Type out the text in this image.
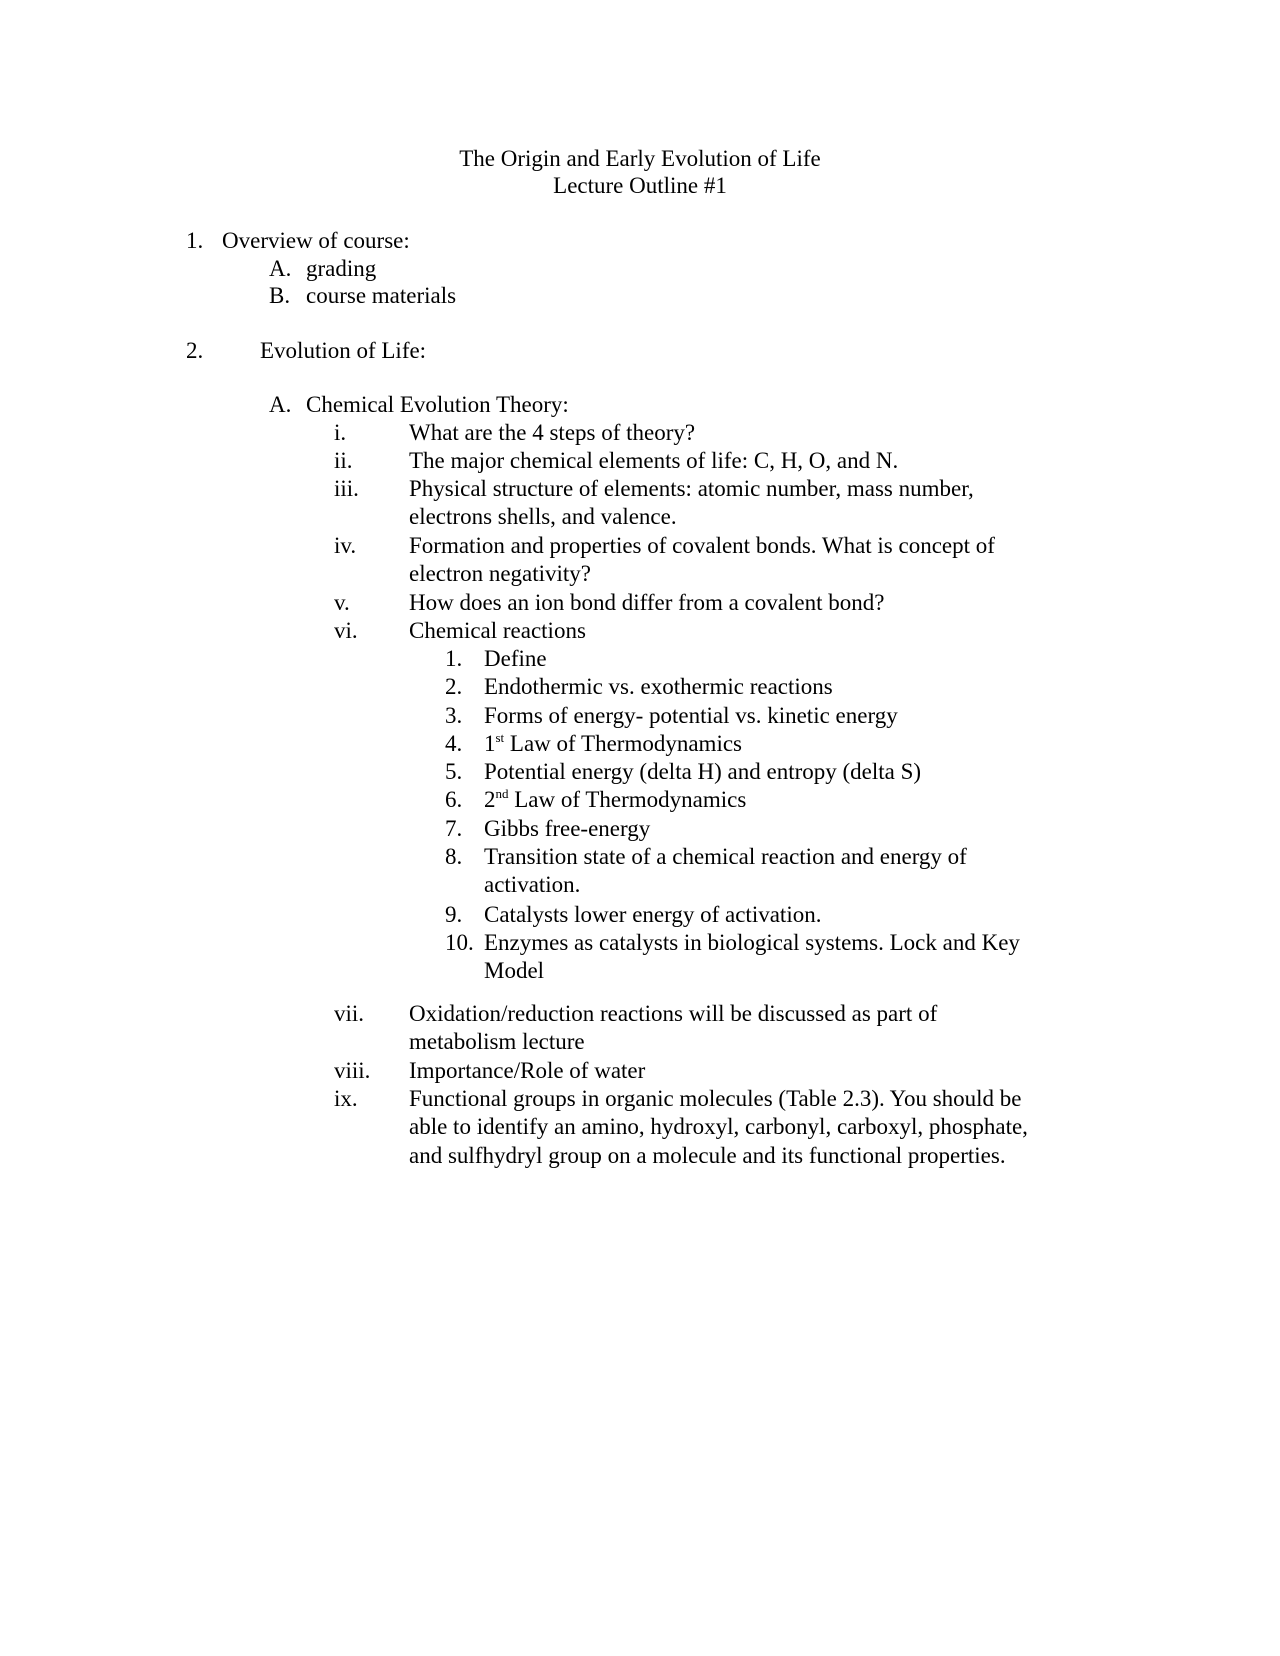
The Origin and Early Evolution of Life
Lecture Outline #1
1. Overview of course:
A. grading
B. course materials
2. Evolution of Life:
A. Chemical Evolution Theory:
i.	What are the 4 steps of theory?
ii. The major chemical elements of life: C, H, O, and N.
iii. Physical structure of elements: atomic number, mass number,
electrons shells, and valence.
iv. Formation and properties of covalent bonds. What is concept of
electron negativity?
v.	How does an ion bond differ from a covalent bond?
vi. Chemical reactions
vii. Oxidation/reduction reactions will be discussed as part of
metabolism lecture
viii. Importance/Role of water
ix. Functional groups in organic molecules (Table 2.3). You should be
able to identify an amino, hydroxyl, carbonyl, carboxyl, phosphate,
and sulfhydryl group on a molecule and its functional properties.
1. Define
2. Endothermic vs. exothermic reactions
3. Forms of energy- potential vs. kinetic energy
4. 1st Law of Thermodynamics
5. Potential energy (delta H) and entropy (delta S)
6. 2nd Law of Thermodynamics
7. Gibbs free-energy
8. Transition state of a chemical reaction and energy of
activation.
9. Catalysts lower energy of activation.
10. Enzymes as catalysts in biological systems. Lock and Key
Model
